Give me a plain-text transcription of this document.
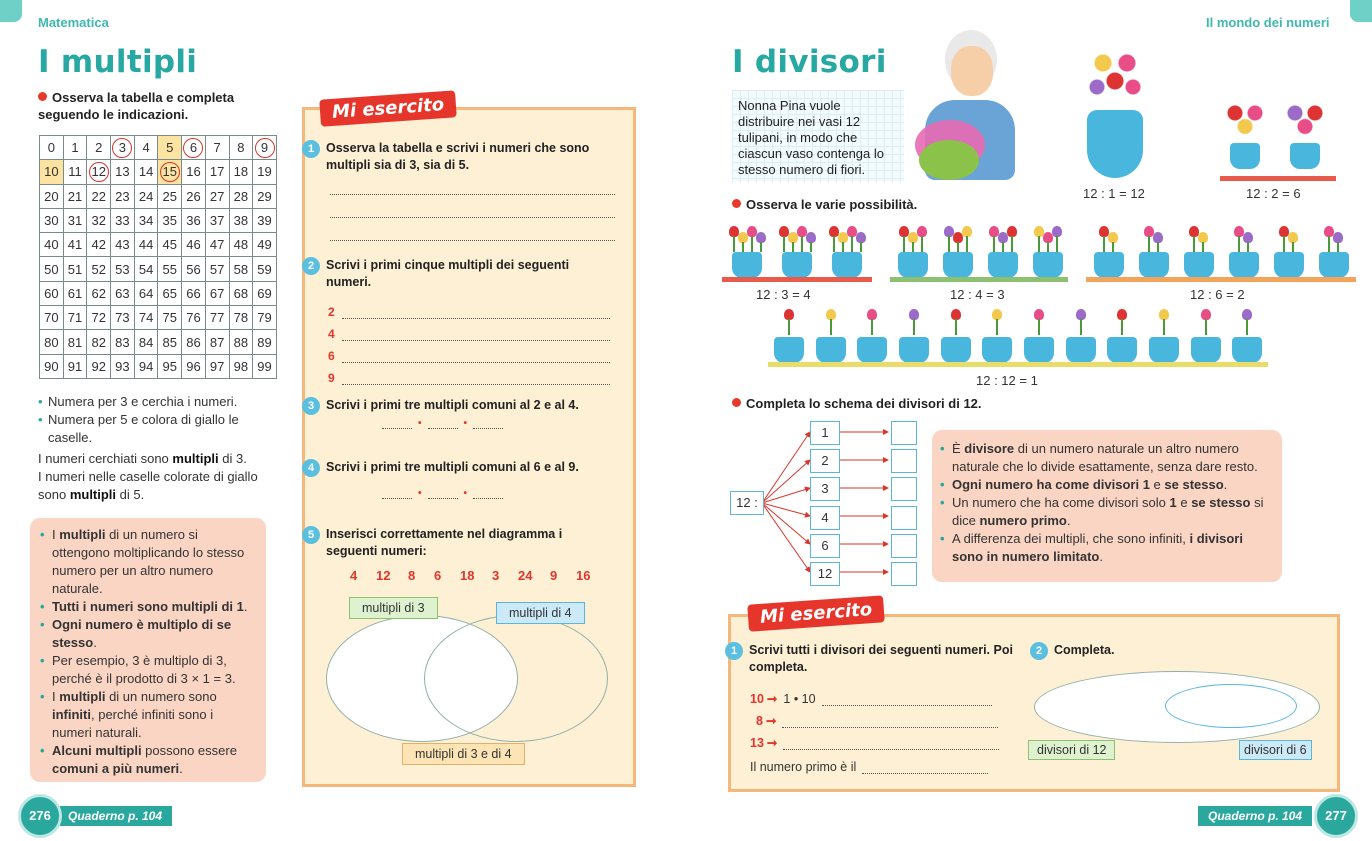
Matematica
I multipli
Osserva la tabella e completa seguendo le indicazioni.
0	1	2	3	4	5	6	7	8	9
10	11	12	13	14	15	16	17	18	19
20	21	22	23	24	25	26	27	28	29
30	31	32	33	34	35	36	37	38	39
40	41	42	43	44	45	46	47	48	49
50	51	52	53	54	55	56	57	58	59
60	61	62	63	64	65	66	67	68	69
70	71	72	73	74	75	76	77	78	79
80	81	82	83	84	85	86	87	88	89
90	91	92	93	94	95	96	97	98	99
• Numera per 3 e cerchia i numeri.
• Numera per 5 e colora di giallo le caselle.
I numeri cerchiati sono multipli di 3.
I numeri nelle caselle colorate di giallo sono multipli di 5.
• I multipli di un numero si ottengono moltiplicando lo stesso numero per un altro numero naturale.
• Tutti i numeri sono multipli di 1.
• Ogni numero è multiplo di se stesso.
• Per esempio, 3 è multiplo di 3, perché è il prodotto di 3 × 1 = 3.
• I multipli di un numero sono infiniti, perché infiniti sono i numeri naturali.
• Alcuni multipli possono essere comuni a più numeri.
Mi esercito
1 Osserva la tabella e scrivi i numeri che sono multipli sia di 3, sia di 5.
2 Scrivi i primi cinque multipli dei seguenti numeri.
2
4
6
9
3 Scrivi i primi tre multipli comuni al 2 e al 4.
•	•
4 Scrivi i primi tre multipli comuni al 6 e al 9.
•	•
5 Inserisci correttamente nel diagramma i seguenti numeri:
4	12	8	6	18	3	24	9	16
multipli di 3	multipli di 4
multipli di 3 e di 4
Quaderno p. 104
276
Il mondo dei numeri
I divisori
Nonna Pina vuole distribuire nei vasi 12 tulipani, in modo che ciascun vaso contenga lo stesso numero di fiori.
12 : 1 = 12	12 : 2 = 6
Osserva le varie possibilità.
12 : 3 = 4	12 : 4 = 3	12 : 6 = 2
12 : 12 = 1
Completa lo schema dei divisori di 12.
12 :
1
2
3
4
6
12
• È divisore di un numero naturale un altro numero naturale che lo divide esattamente, senza dare resto.
• Ogni numero ha come divisori 1 e se stesso.
• Un numero che ha come divisori solo 1 e se stesso si dice numero primo.
• A differenza dei multipli, che sono infiniti, i divisori sono in numero limitato.
Mi esercito
1 Scrivi tutti i divisori dei seguenti numeri. Poi completa.
10 ➞ 1 • 10
8 ➞
13 ➞
Il numero primo è il
2 Completa.
divisori di 12	divisori di 6
Quaderno p. 104	277
